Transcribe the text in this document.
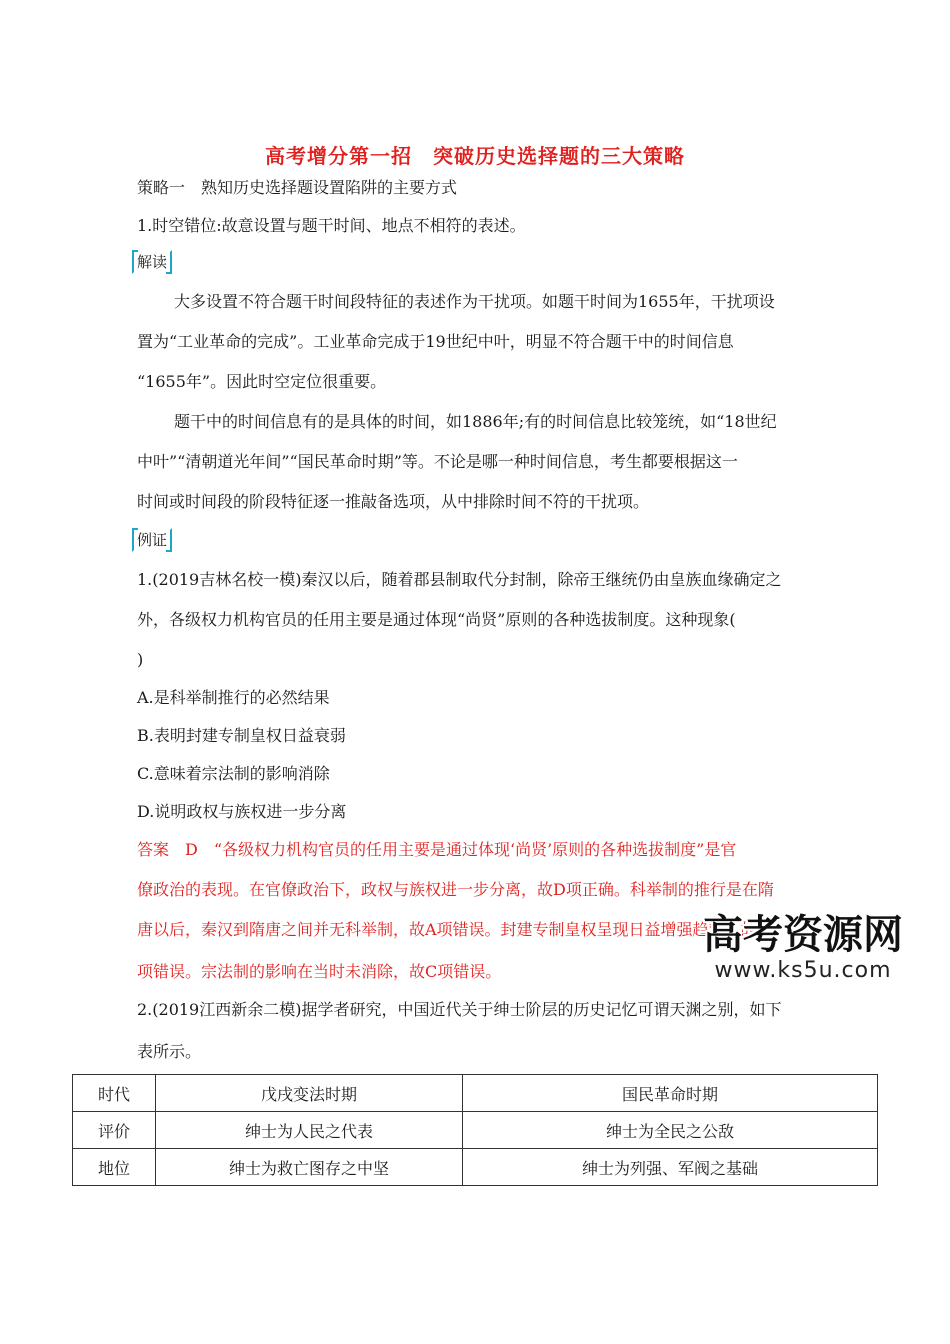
高考增分第一招　突破历史选择题的三大策略
策略一　熟知历史选择题设置陷阱的主要方式
1.时空错位:故意设置与题干时间、地点不相符的表述。
解读
大多设置不符合题干时间段特征的表述作为干扰项。如题干时间为1655年，干扰项设
置为“工业革命的完成”。工业革命完成于19世纪中叶，明显不符合题干中的时间信息
“1655年”。因此时空定位很重要。
题干中的时间信息有的是具体的时间，如1886年;有的时间信息比较笼统，如“18世纪
中叶”“清朝道光年间”“国民革命时期”等。不论是哪一种时间信息，考生都要根据这一
时间或时间段的阶段特征逐一推敲备选项，从中排除时间不符的干扰项。
例证
1.(2019吉林名校一模)秦汉以后，随着郡县制取代分封制，除帝王继统仍由皇族血缘确定之
外，各级权力机构官员的任用主要是通过体现“尚贤”原则的各种选拔制度。这种现象(
)
A.是科举制推行的必然结果
B.表明封建专制皇权日益衰弱
C.意味着宗法制的影响消除
D.说明政权与族权进一步分离
答案　D　“各级权力机构官员的任用主要是通过体现‘尚贤’原则的各种选拔制度”是官
僚政治的表现。在官僚政治下，政权与族权进一步分离，故D项正确。科举制的推行是在隋
唐以后，秦汉到隋唐之间并无科举制，故A项错误。封建专制皇权呈现日益增强趋势，故B
项错误。宗法制的影响在当时未消除，故C项错误。
高考资源网
www.ks5u.com
2.(2019江西新余二模)据学者研究，中国近代关于绅士阶层的历史记忆可谓天渊之别，如下
表所示。
时代	戊戌变法时期	国民革命时期
评价	绅士为人民之代表	绅士为全民之公敌
地位	绅士为救亡图存之中坚	绅士为列强、军阀之基础
